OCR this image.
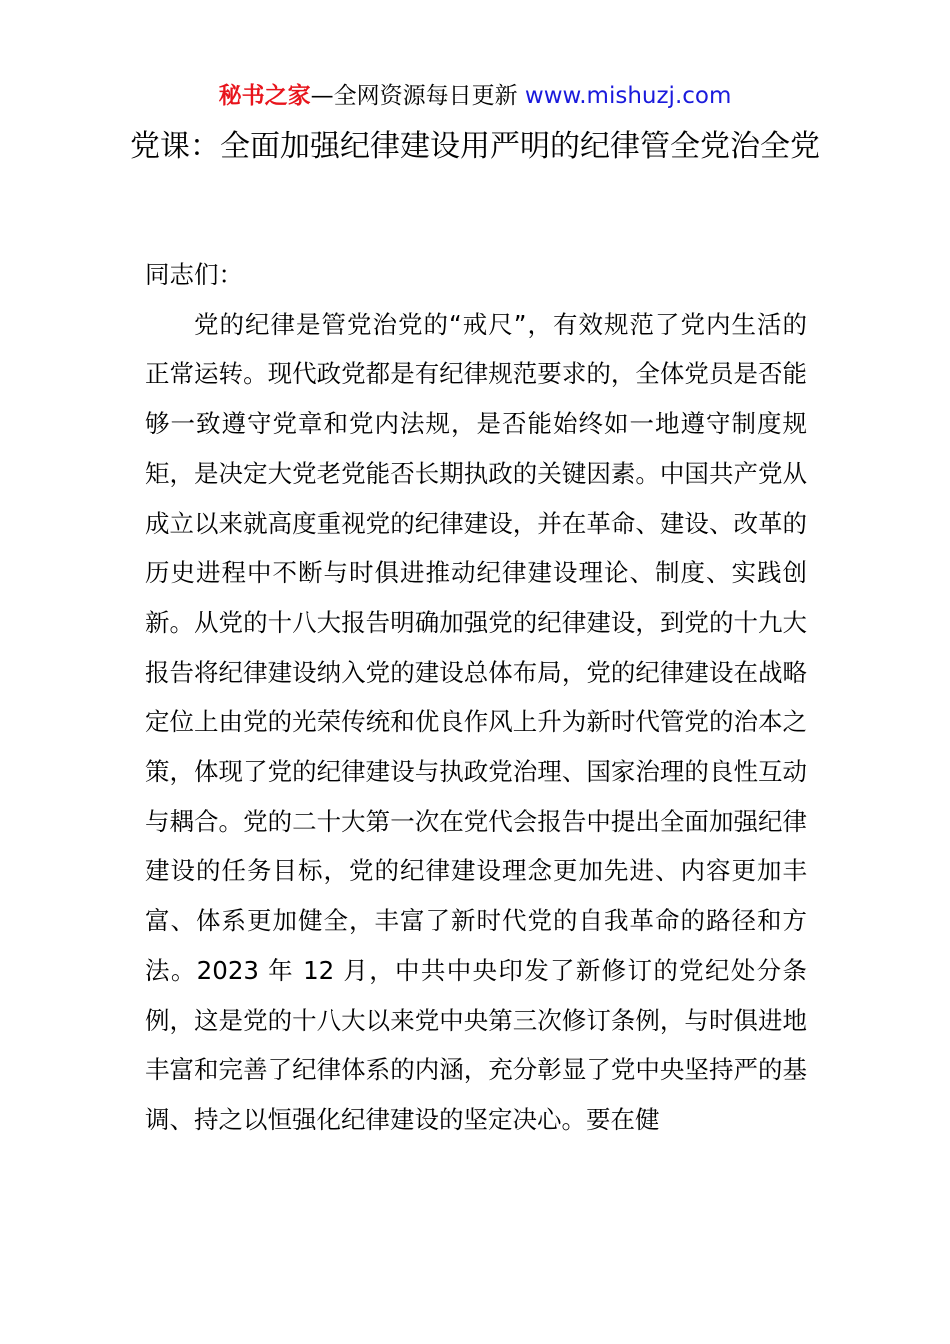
秘书之家—全网资源每日更新 www.mishuzj.com
党课：全面加强纪律建设用严明的纪律管全党治全党

同志们：

党的纪律是管党治党的“戒尺”，有效规范了党内生活的正常运转。现代政党都是有纪律规范要求的，全体党员是否能够一致遵守党章和党内法规，是否能始终如一地遵守制度规矩，是决定大党老党能否长期执政的关键因素。中国共产党从成立以来就高度重视党的纪律建设，并在革命、建设、改革的历史进程中不断与时俱进推动纪律建设理论、制度、实践创新。从党的十八大报告明确加强党的纪律建设，到党的十九大报告将纪律建设纳入党的建设总体布局，党的纪律建设在战略定位上由党的光荣传统和优良作风上升为新时代管党的治本之策，体现了党的纪律建设与执政党治理、国家治理的良性互动与耦合。党的二十大第一次在党代会报告中提出全面加强纪律建设的任务目标，党的纪律建设理念更加先进、内容更加丰富、体系更加健全，丰富了新时代党的自我革命的路径和方法。2023 年 12 月，中共中央印发了新修订的党纪处分条例，这是党的十八大以来党中央第三次修订条例，与时俱进地丰富和完善了纪律体系的内涵，充分彰显了党中央坚持严的基调、持之以恒强化纪律建设的坚定决心。要在健
